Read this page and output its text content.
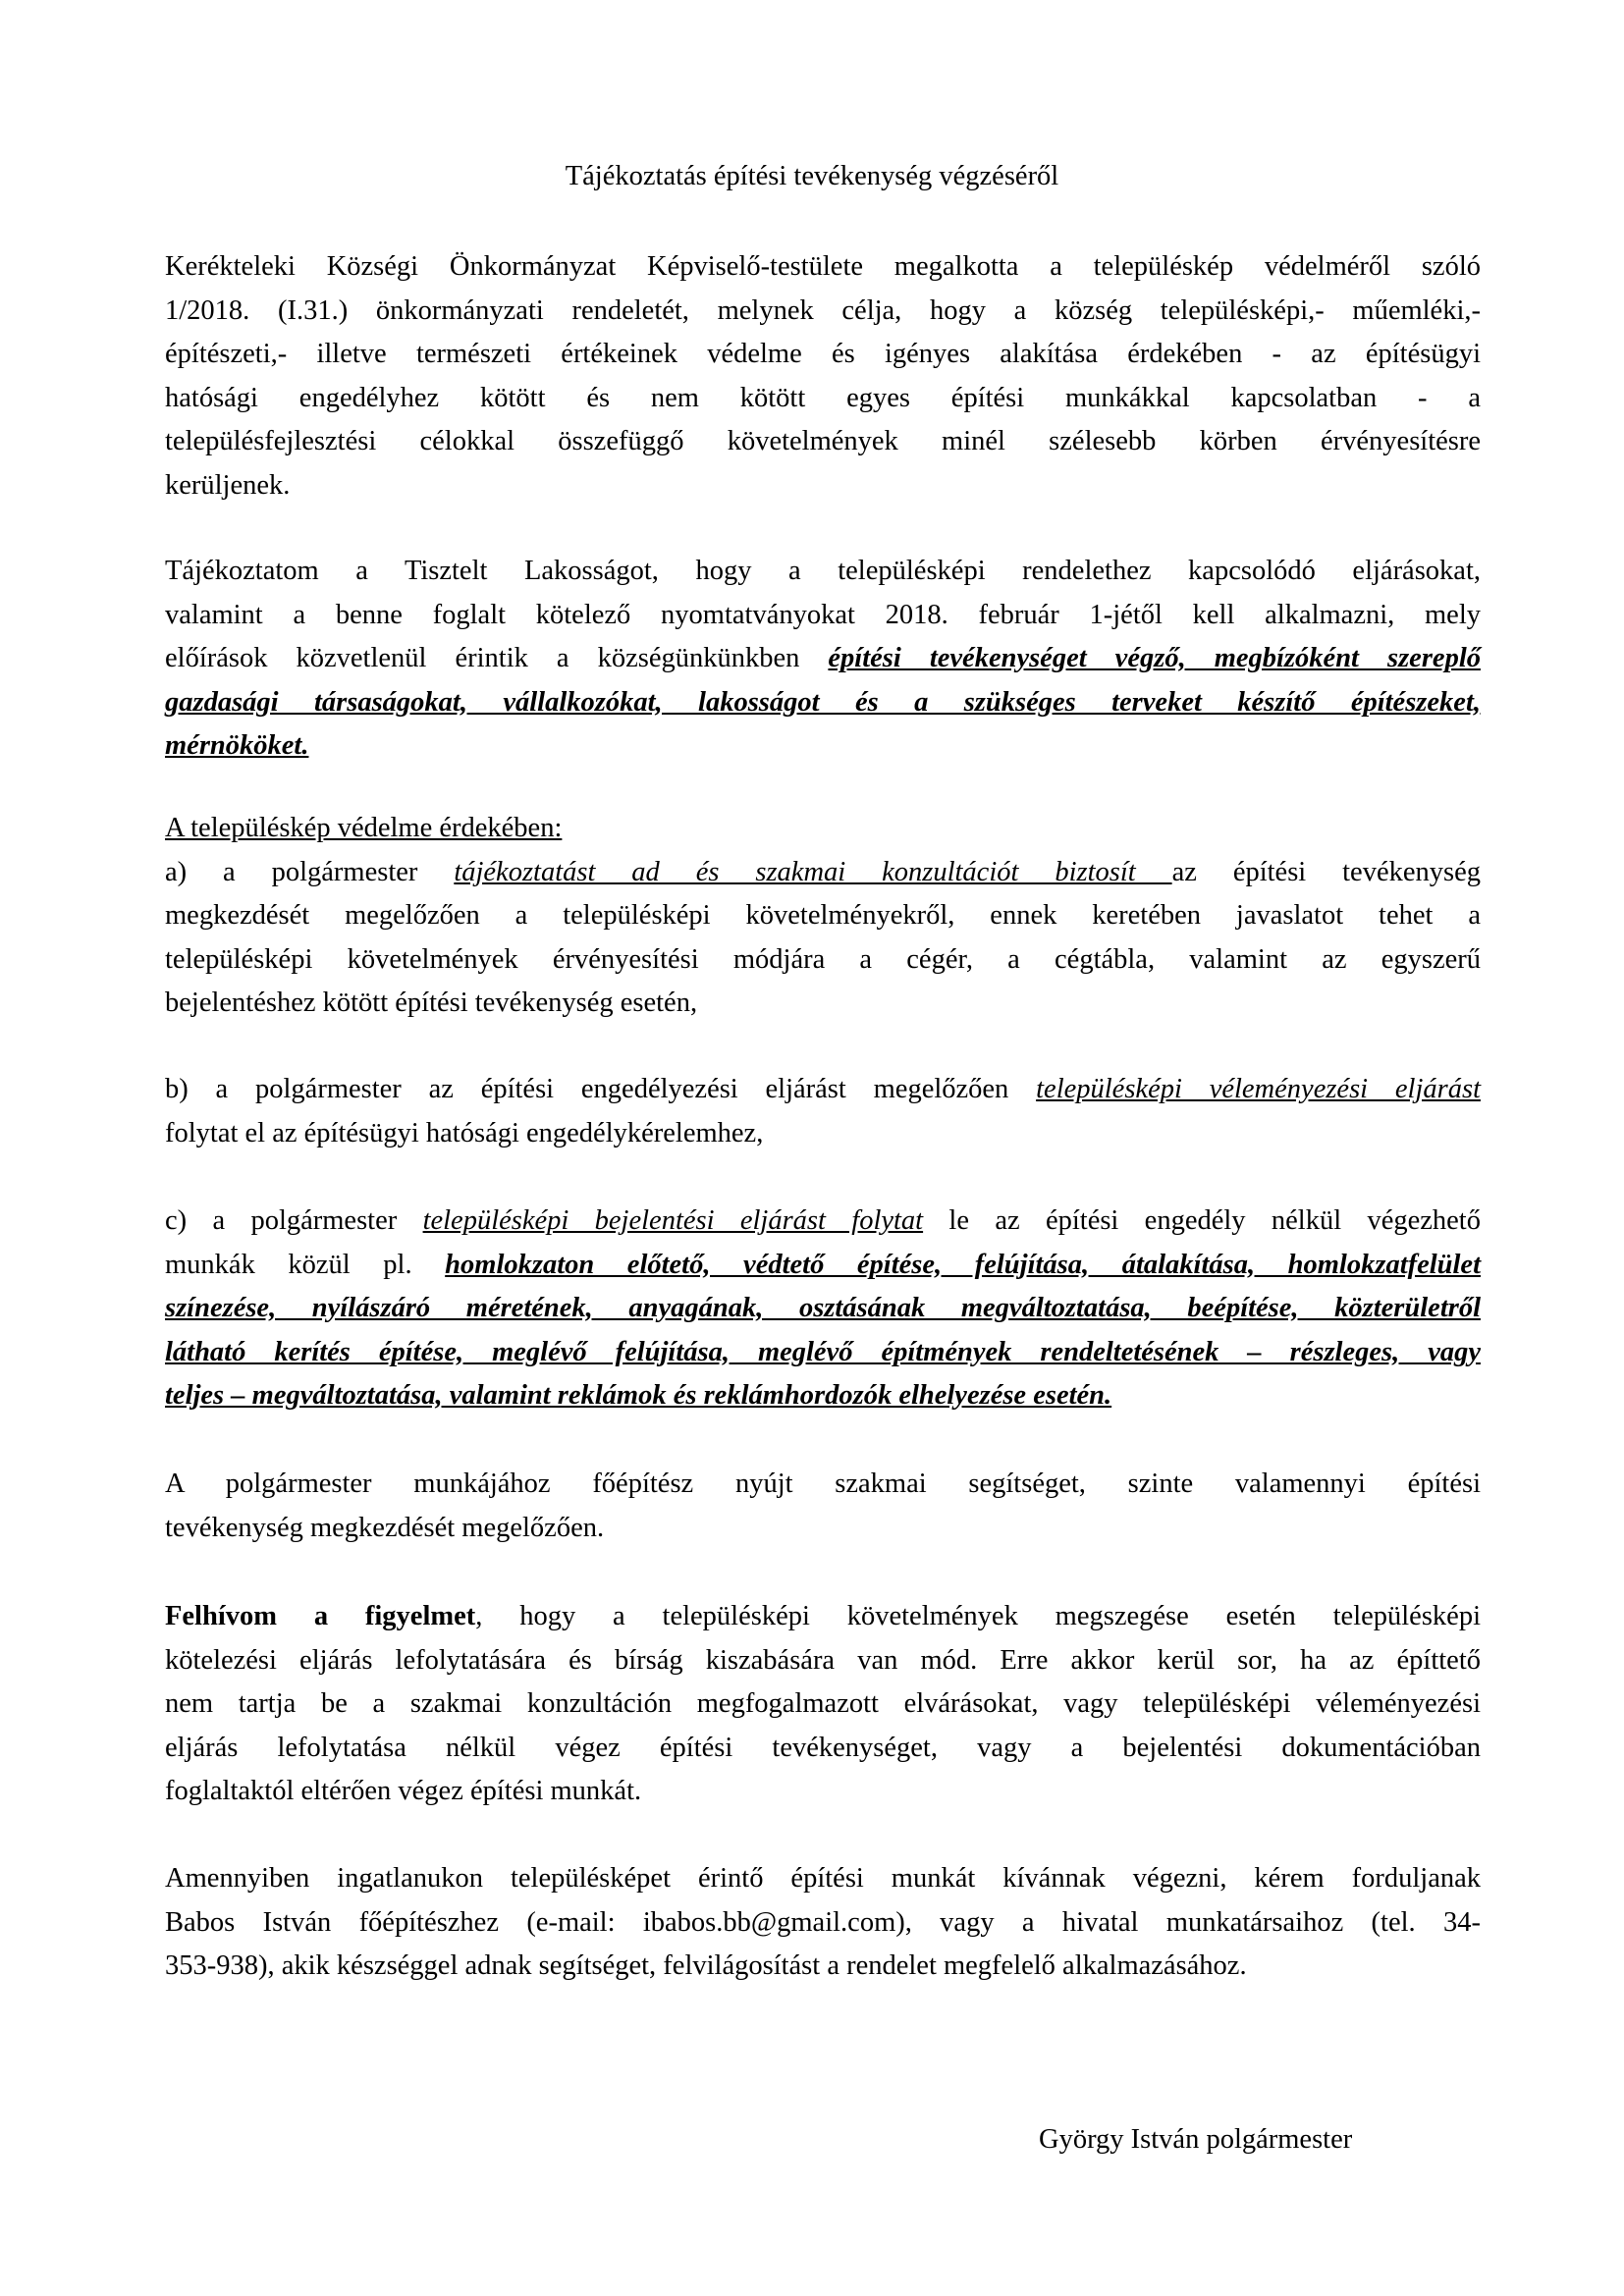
Tájékoztatás építési tevékenység végzéséről
Kerékteleki Községi Önkormányzat Képviselő-testülete megalkotta a településkép védelméről szóló
1/2018. (I.31.) önkormányzati rendeletét, melynek célja, hogy a község településképi,- műemléki,-
építészeti,- illetve természeti értékeinek védelme és igényes alakítása érdekében - az építésügyi
hatósági engedélyhez kötött és nem kötött egyes építési munkákkal kapcsolatban - a
településfejlesztési célokkal összefüggő követelmények minél szélesebb körben érvényesítésre
kerüljenek.
Tájékoztatom a Tisztelt Lakosságot, hogy a településképi rendelethez kapcsolódó eljárásokat,
valamint a benne foglalt kötelező nyomtatványokat 2018. február 1-jétől kell alkalmazni, mely
előírások közvetlenül érintik a községünkünkben építési tevékenységet végző, megbízóként szereplő
gazdasági társaságokat, vállalkozókat, lakosságot és a szükséges terveket készítő építészeket,
mérnököket.
A településkép védelme érdekében:
a) a polgármester tájékoztatást ad és szakmai konzultációt biztosít az építési tevékenység
megkezdését megelőzően a településképi követelményekről, ennek keretében javaslatot tehet a
településképi követelmények érvényesítési módjára a cégér, a cégtábla, valamint az egyszerű
bejelentéshez kötött építési tevékenység esetén,
b) a polgármester az építési engedélyezési eljárást megelőzően településképi véleményezési eljárást
folytat el az építésügyi hatósági engedélykérelemhez,
c) a polgármester településképi bejelentési eljárást folytat le az építési engedély nélkül végezhető
munkák közül pl. homlokzaton előtető, védtető építése, felújítása, átalakítása, homlokzatfelület
színezése, nyílászáró méretének, anyagának, osztásának megváltoztatása, beépítése, közterületről
látható kerítés építése, meglévő felújítása, meglévő építmények rendeltetésének – részleges, vagy
teljes – megváltoztatása, valamint reklámok és reklámhordozók elhelyezése esetén.
A polgármester munkájához főépítész nyújt szakmai segítséget, szinte valamennyi építési
tevékenység megkezdését megelőzően.
Felhívom a figyelmet, hogy a településképi követelmények megszegése esetén településképi
kötelezési eljárás lefolytatására és bírság kiszabására van mód. Erre akkor kerül sor, ha az építtető
nem tartja be a szakmai konzultáción megfogalmazott elvárásokat, vagy településképi véleményezési
eljárás lefolytatása nélkül végez építési tevékenységet, vagy a bejelentési dokumentációban
foglaltaktól eltérően végez építési munkát.
Amennyiben ingatlanukon településképet érintő építési munkát kívánnak végezni, kérem forduljanak
Babos István főépítészhez (e-mail: ibabos.bb@gmail.com), vagy a hivatal munkatársaihoz (tel. 34-
353-938), akik készséggel adnak segítséget, felvilágosítást a rendelet megfelelő alkalmazásához.
György István polgármester
